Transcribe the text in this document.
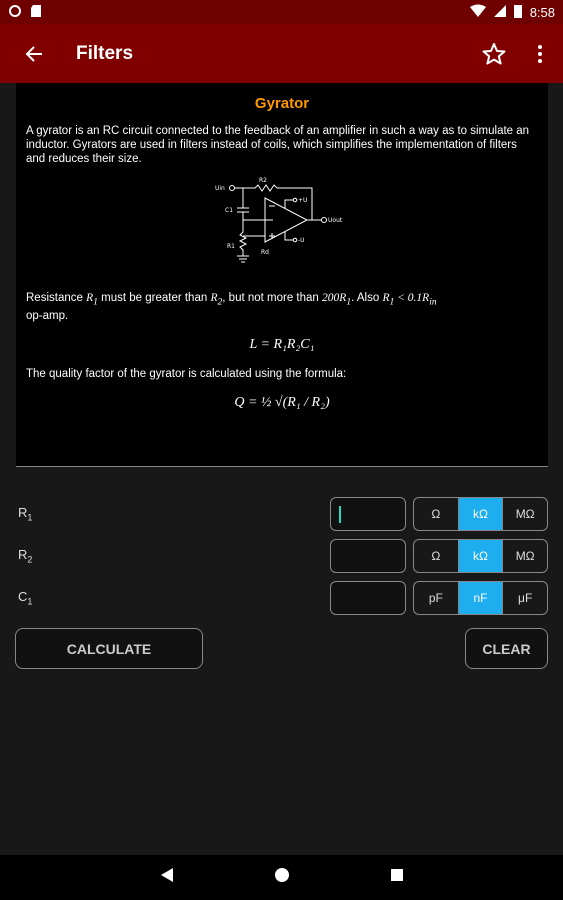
8:58
Filters
Gyrator

A gyrator is an RC circuit connected to the feedback of an amplifier in such a way as to simulate an inductor. Gyrators are used in filters instead of coils, which simplifies the implementation of filters and reduces their size.

Uin
R2
C1
+U
-U
Uout
R1
Rd

Resistance $R_1$ must be greater than $R_2$, but not more than $200R_1$. Also $R_1 < 0.1R_{in}$
op-amp.

L = R₁R₂C₁

The quality factor of the gyrator is calculated using the formula:

Q = ½ √(R₁ / R₂)
$R_1$	Ω	kΩ	MΩ
$R_2$	Ω	kΩ	MΩ
$C_1$	pF	nF	μF
CALCULATE	CLEAR
